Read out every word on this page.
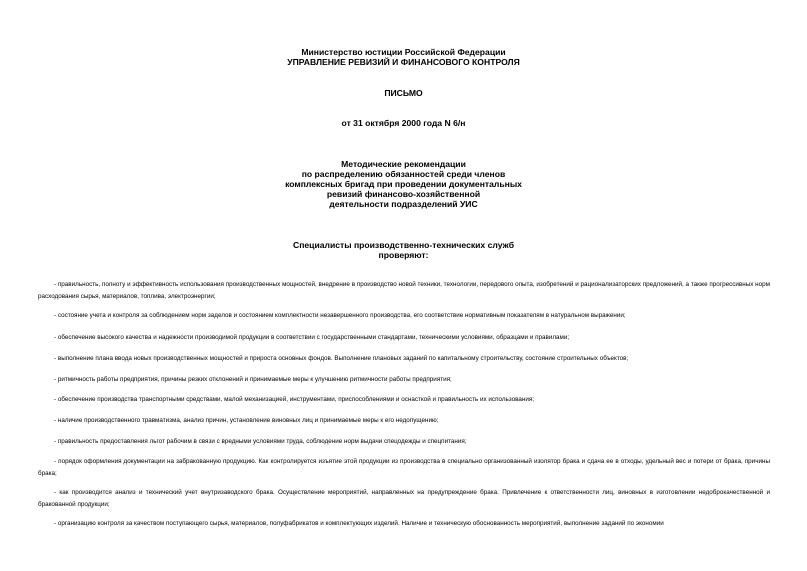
Министерство юстиции Российской Федерации
УПРАВЛЕНИЕ РЕВИЗИЙ И ФИНАНСОВОГО КОНТРОЛЯ
ПИСЬМО
от 31 октября 2000 года N 6/н
Методические рекомендации
по распределению обязанностей среди членов
комплексных бригад при проведении документальных
ревизий финансово-хозяйственной
деятельности подразделений УИС
Специалисты производственно-технических служб
проверяют:

- правильность, полноту и эффективность использования производственных мощностей, внедрение в производство новой техники, технологии, передового опыта, изобретений и рационализаторских предложений, а также прогрессивных норм расходования сырья, материалов, топлива, электроэнергии;

- состояние учета и контроля за соблюдением норм заделов и состоянием комплектности незавершенного производства, его соответствие нормативным показателям в натуральном выражении;

- обеспечение высокого качества и надежности производимой продукции в соответствии с государственными стандартами, техническими условиями, образцами и правилами;

- выполнение плана ввода новых производственных мощностей и прироста основных фондов. Выполнение плановых заданий по капитальному строительству, состояние строительных объектов;

- ритмичность работы предприятия, причины резких отклонений и принимаемые меры к улучшению ритмичности работы предприятия;

- обеспечение производства транспортными средствами, малой механизацией, инструментами, приспособлениями и оснасткой и правильность их использования;

- наличие производственного травматизма, анализ причин, установление виновных лиц и принимаемые меры к его недопущению;

- правильность предоставления льгот рабочим в связи с вредными условиями труда, соблюдение норм выдачи спецодежды и спецпитания;

- порядок оформления документации на забракованную продукцию. Как контролируется изъятие этой продукции из производства в специально организованный изолятор брака и сдача ее в отходы, удельный вес и потери от брака, причины брака;

- как производится анализ и технический учет внутризаводского брака. Осуществление мероприятий, направленных на предупреждение брака. Привлечение к ответственности лиц, виновных в изготовлении недоброкачественной и бракованной продукции;

- организацию контроля за качеством поступающего сырья, материалов, полуфабрикатов и комплектующих изделий. Наличие и техническую обоснованность мероприятий, выполнение заданий по экономии
